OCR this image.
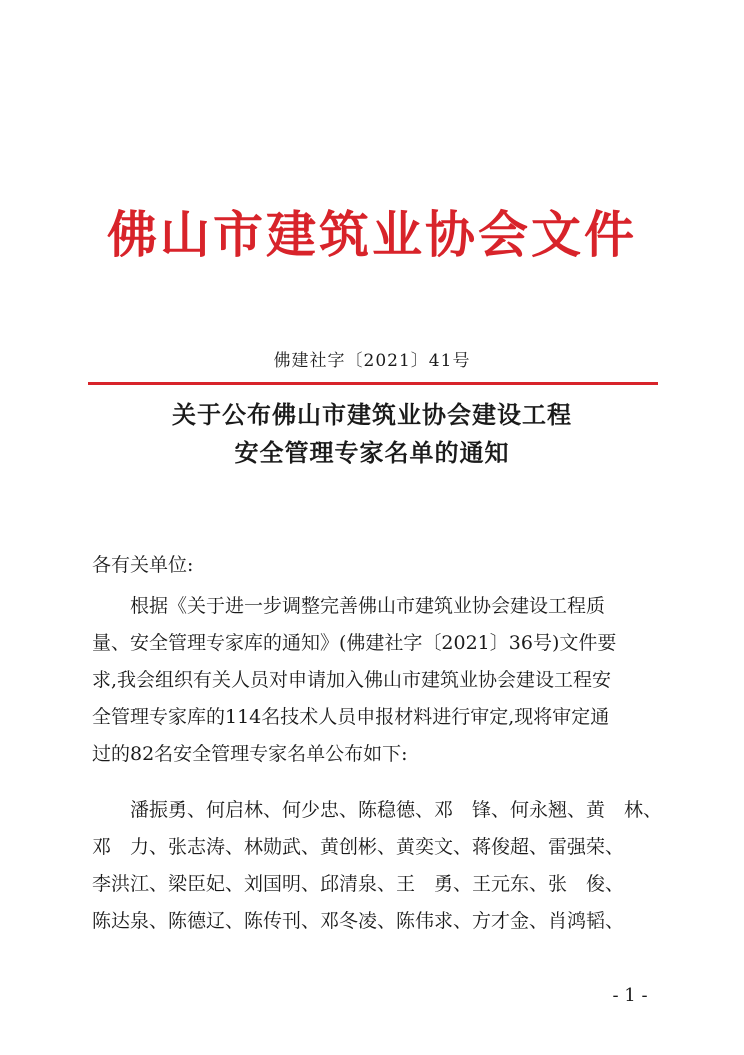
佛山市建筑业协会文件
佛建社字〔2021〕41号
关于公布佛山市建筑业协会建设工程
安全管理专家名单的通知
各有关单位:
　　根据《关于进一步调整完善佛山市建筑业协会建设工程质
量、安全管理专家库的通知》(佛建社字〔2021〕36号)文件要
求,我会组织有关人员对申请加入佛山市建筑业协会建设工程安
全管理专家库的114名技术人员申报材料进行审定,现将审定通
过的82名安全管理专家名单公布如下:
　　潘振勇、何启林、何少忠、陈稳德、邓　锋、何永翘、黄　林、
邓　力、张志涛、林勋武、黄创彬、黄奕文、蒋俊超、雷强荣、
李洪江、梁臣妃、刘国明、邱清泉、王　勇、王元东、张　俊、
陈达泉、陈德辽、陈传刊、邓冬凌、陈伟求、方才金、肖鸿韬、
- 1 -
